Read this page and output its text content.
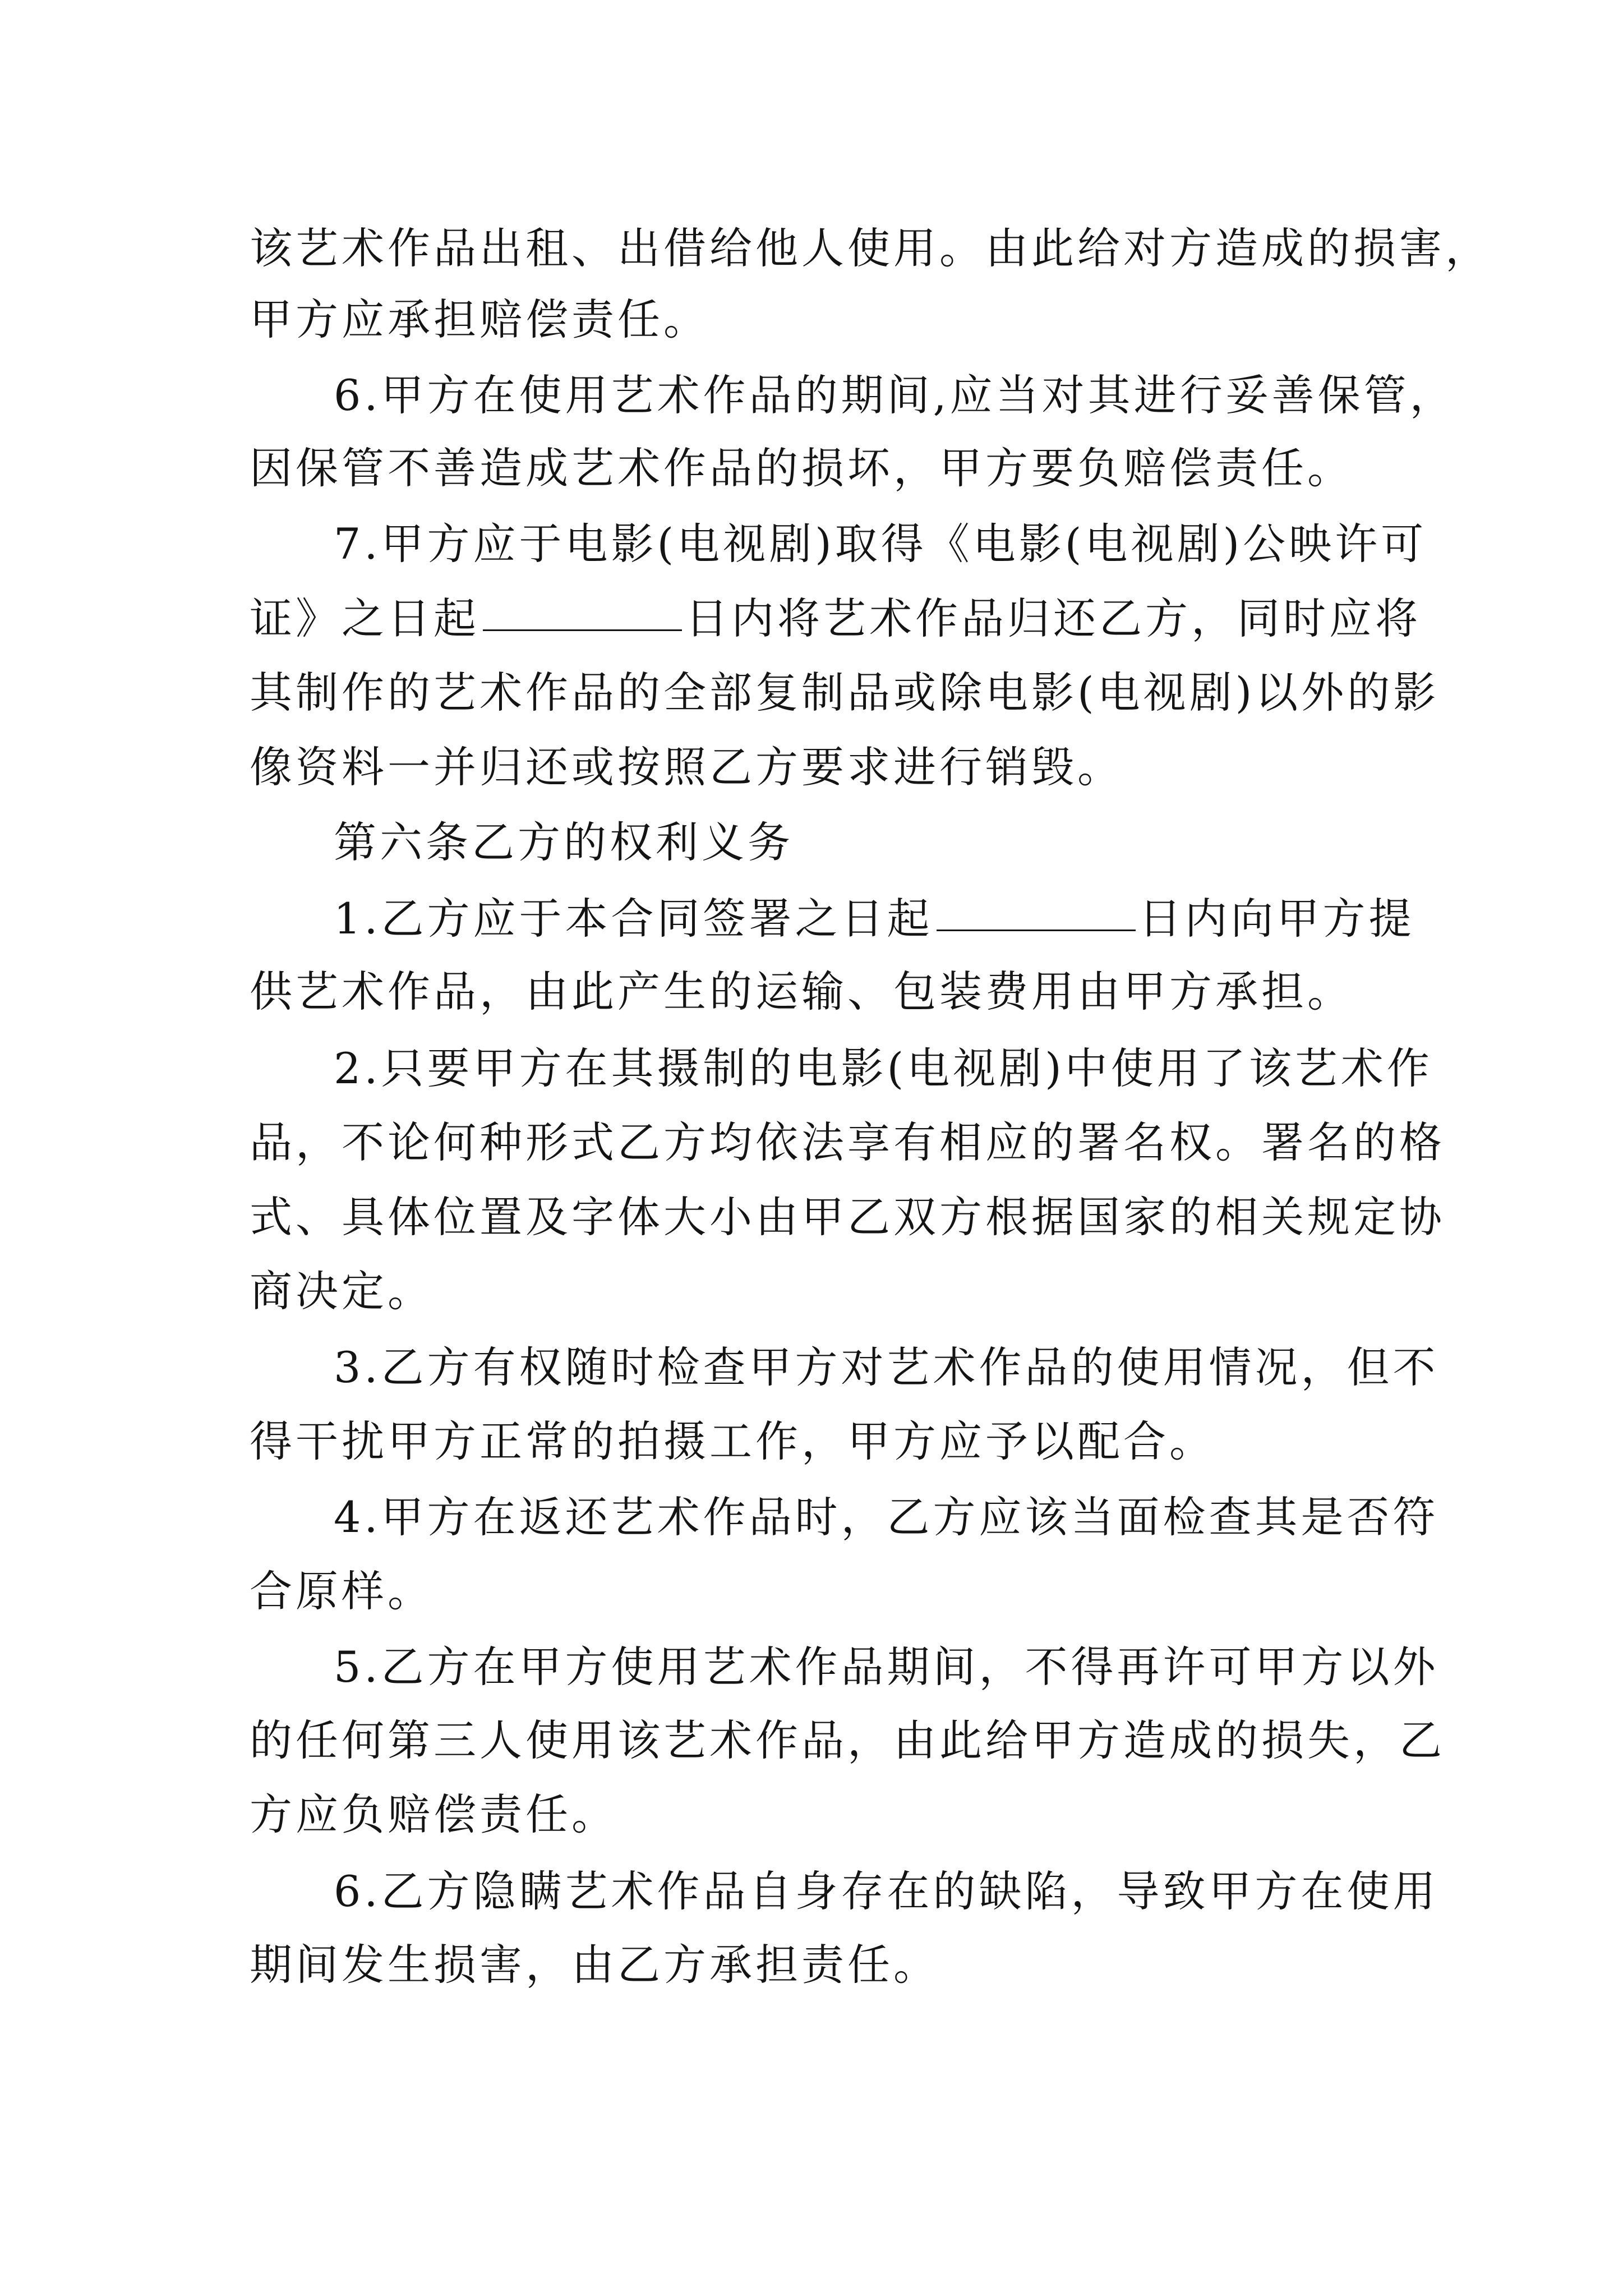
该艺术作品出租、出借给他人使用。由此给对方造成的损害，
甲方应承担赔偿责任。
6.甲方在使用艺术作品的期间,应当对其进行妥善保管，
因保管不善造成艺术作品的损坏，甲方要负赔偿责任。
7.甲方应于电影(电视剧)取得《电影(电视剧)公映许可
证》之日起	日内将艺术作品归还乙方，同时应将
其制作的艺术作品的全部复制品或除电影(电视剧)以外的影
像资料一并归还或按照乙方要求进行销毁。
第六条乙方的权利义务
1.乙方应于本合同签署之日起	日内向甲方提
供艺术作品，由此产生的运输、包装费用由甲方承担。
2.只要甲方在其摄制的电影(电视剧)中使用了该艺术作
品，不论何种形式乙方均依法享有相应的署名权。署名的格
式、具体位置及字体大小由甲乙双方根据国家的相关规定协
商决定。
3.乙方有权随时检查甲方对艺术作品的使用情况，但不
得干扰甲方正常的拍摄工作，甲方应予以配合。
4.甲方在返还艺术作品时，乙方应该当面检查其是否符
合原样。
5.乙方在甲方使用艺术作品期间，不得再许可甲方以外
的任何第三人使用该艺术作品，由此给甲方造成的损失，乙
方应负赔偿责任。
6.乙方隐瞒艺术作品自身存在的缺陷，导致甲方在使用
期间发生损害，由乙方承担责任。
